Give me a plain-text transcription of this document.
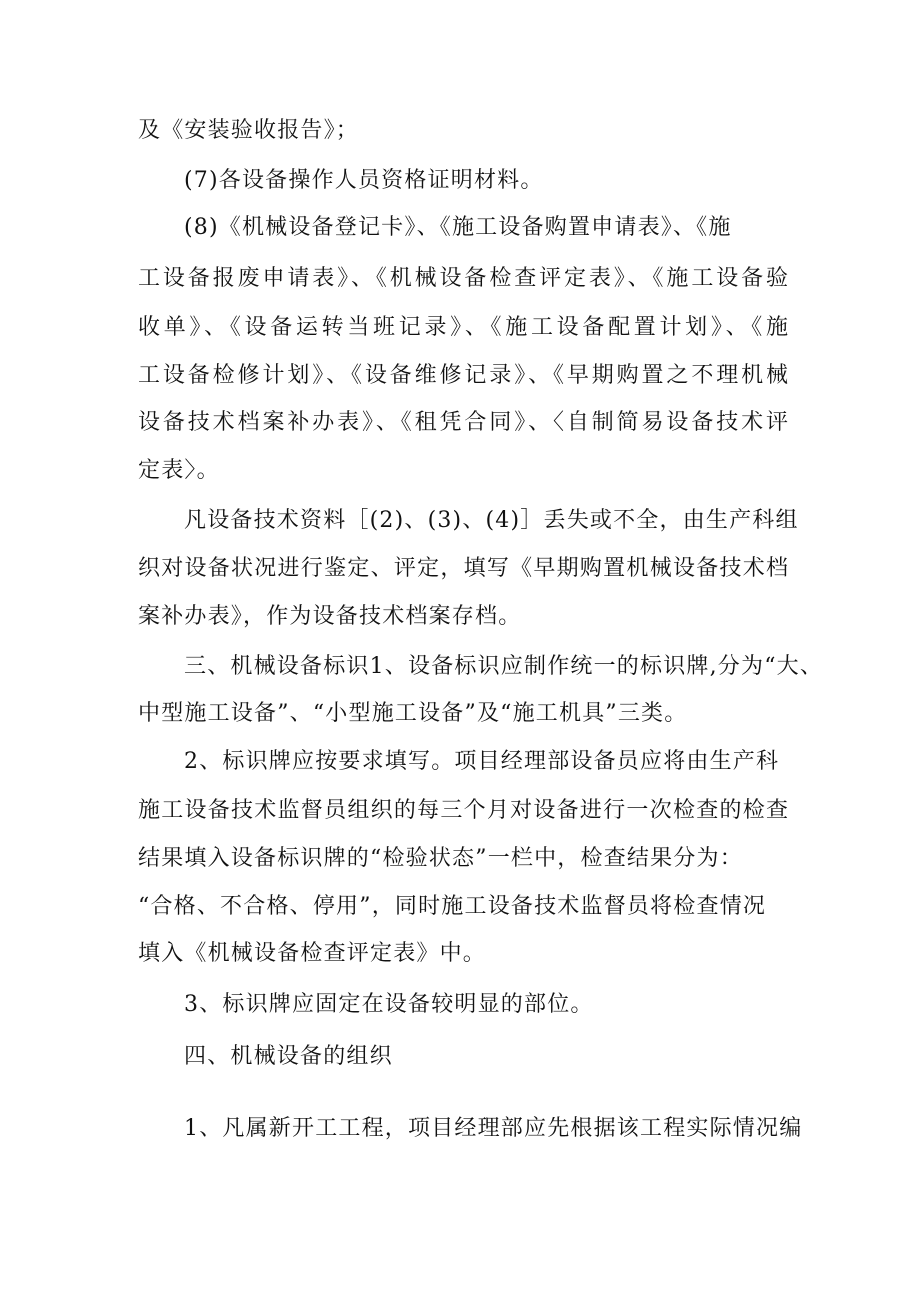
及《安装验收报告》；
(7)各设备操作人员资格证明材料。
(8)《机械设备登记卡》、《施工设备购置申请表》、《施
工设备报废申请表》、《机械设备检查评定表》、《施工设备验
收单》、《设备运转当班记录》、《施工设备配置计划》、《施
工设备检修计划》、《设备维修记录》、《早期购置之不理机械
设备技术档案补办表》、《租凭合同》、〈自制简易设备技术评
定表〉。
凡设备技术资料［(2)、(3)、(4)］丢失或不全，由生产科组
织对设备状况进行鉴定、评定，填写《早期购置机械设备技术档
案补办表》，作为设备技术档案存档。
三、机械设备标识1、设备标识应制作统一的标识牌,分为“大、
中型施工设备”、“小型施工设备”及“施工机具”三类。
2、标识牌应按要求填写。项目经理部设备员应将由生产科
施工设备技术监督员组织的每三个月对设备进行一次检查的检查
结果填入设备标识牌的“检验状态”一栏中，检查结果分为：
“合格、不合格、停用”，同时施工设备技术监督员将检查情况
填入《机械设备检查评定表》中。
3、标识牌应固定在设备较明显的部位。
四、机械设备的组织
1、凡属新开工工程，项目经理部应先根据该工程实际情况编
